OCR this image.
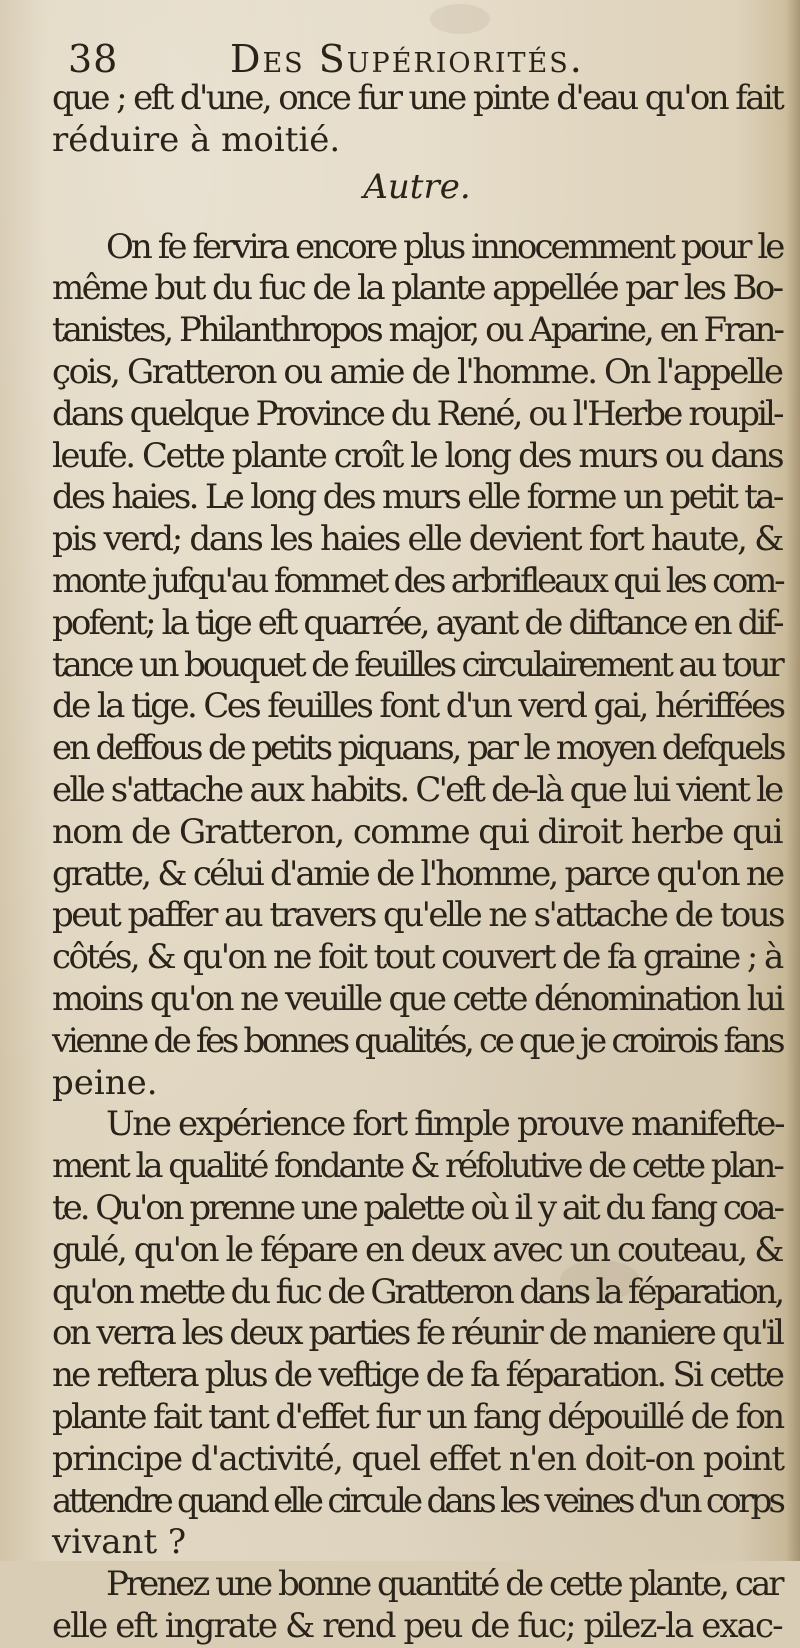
38	Des Supériorités.
que ; eft d'une, once fur une pinte d'eau qu'on fait
réduire à moitié.
Autre.
On fe fervira encore plus innocemment pour le
même but du fuc de la plante appellée par les Bo-
tanistes, Philanthropos major, ou Aparine, en Fran-
çois, Gratteron ou amie de l'homme. On l'appelle
dans quelque Province du René, ou l'Herbe roupil-
leufe. Cette plante croît le long des murs ou dans
des haies. Le long des murs elle forme un petit ta-
pis verd; dans les haies elle devient fort haute, &
monte jufqu'au fommet des arbrifleaux qui les com-
pofent; la tige eft quarrée, ayant de diftance en dif-
tance un bouquet de feuilles circulairement au tour
de la tige. Ces feuilles font d'un verd gai, hériffées
en deffous de petits piquans, par le moyen defquels
elle s'attache aux habits. C'eft de-là que lui vient le
nom de Gratteron, comme qui diroit herbe qui
gratte, & célui d'amie de l'homme, parce qu'on ne
peut paffer au travers qu'elle ne s'attache de tous
côtés, & qu'on ne foit tout couvert de fa graine ; à
moins qu'on ne veuille que cette dénomination lui
vienne de fes bonnes qualités, ce que je croirois fans
peine.
Une expérience fort fimple prouve manifefte-
ment la qualité fondante & réfolutive de cette plan-
te. Qu'on prenne une palette où il y ait du fang coa-
gulé, qu'on le fépare en deux avec un couteau, &
qu'on mette du fuc de Gratteron dans la féparation,
on verra les deux parties fe réunir de maniere qu'il
ne reftera plus de veftige de fa féparation. Si cette
plante fait tant d'effet fur un fang dépouillé de fon
principe d'activité, quel effet n'en doit-on point
attendre quand elle circule dans les veines d'un corps
vivant ?
Prenez une bonne quantité de cette plante, car
elle eft ingrate & rend peu de fuc; pilez-la exac-
